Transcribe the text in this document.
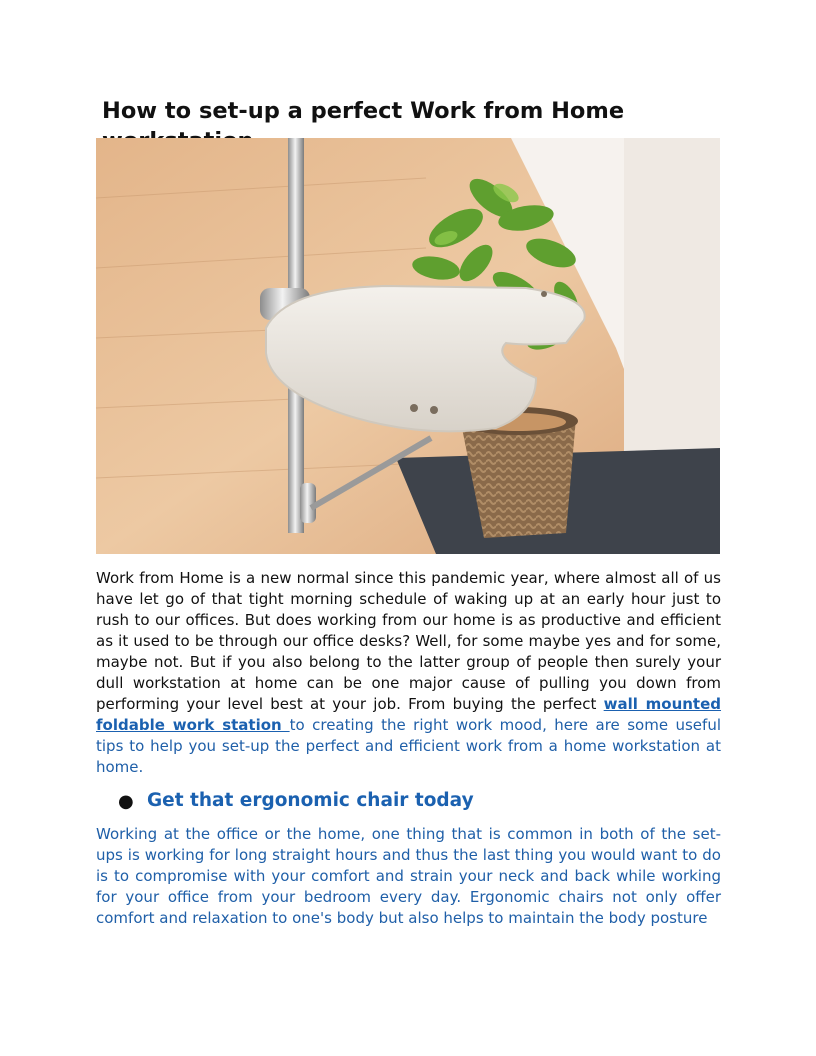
How to set-up a perfect Work from Home

Work from Home is a new normal since this pandemic year, where almost all of us have let go of that tight morning schedule of waking up at an early hour just to rush to our offices. But does working from our home is as productive and efficient as it used to be through our office desks? Well, for some maybe yes and for some, maybe not. But if you also belong to the latter group of people then surely your dull workstation at home can be one major cause of pulling you down from performing your level best at your job. From buying the perfect wall mounted foldable work station to creating the right work mood, here are some useful tips to help you set-up the perfect and efficient work from a home workstation at home.

● Get that ergonomic chair today

Working at the office or the home, one thing that is common in both of the set- ups is working for long straight hours and thus the last thing you would want to do is to compromise with your comfort and strain your neck and back while working for your office from your bedroom every day. Ergonomic chairs not only offer comfort and relaxation to one's body but also helps to maintain the body posture
